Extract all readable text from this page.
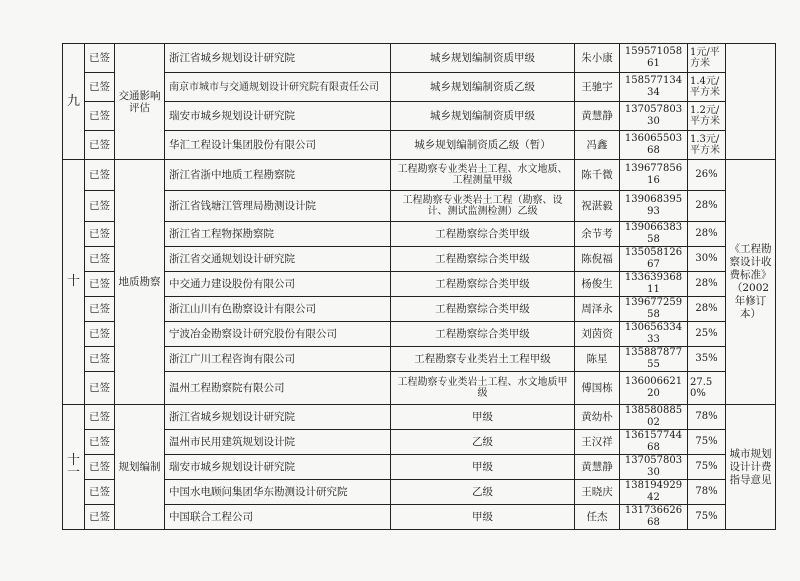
九	已签	交通影响评估	浙江省城乡规划设计研究院	城乡规划编制资质甲级	朱小康	15957105861	1元/平方米	
	已签		南京市城市与交通规划设计研究院有限责任公司	城乡规划编制资质乙级	王驰宇	15857713434	1.4元/平方米	
	已签		瑞安市城乡规划设计研究院	城乡规划编制资质甲级	黄慧静	13705780330	1.2元/平方米	
	已签		华汇工程设计集团股份有限公司	城乡规划编制资质乙级（暂）	冯鑫	13606550368	1.3元/平方米	
十	已签	地质勘察	浙江省浙中地质工程勘察院	工程勘察专业类岩土工程、水文地质、工程测量甲级	陈千微	13967785616	26%	《工程勘察设计收费标准》（2002年修订本）
	已签		浙江省钱塘江管理局勘测设计院	工程勘察专业类岩土工程（勘察、设计、测试监测检测）乙级	祝湛毅	13906839593	28%	
	已签		浙江省工程物探勘察院	工程勘察综合类甲级	余节考	13906638358	28%	
	已签		浙江省交通规划设计研究院	工程勘察综合类甲级	陈倪福	13505812667	30%	
	已签		中交通力建设股份有限公司	工程勘察综合类甲级	杨俊生	13363936811	28%	
	已签		浙江山川有色勘察设计有限公司	工程勘察综合类甲级	周泽永	13967725958	28%	
	已签		宁波冶金勘察设计研究股份有限公司	工程勘察综合类甲级	刘茵资	13065633433	25%	
	已签		浙江广川工程咨询有限公司	工程勘察专业类岩土工程甲级	陈星	13588787755	35%	
	已签		温州工程勘察院有限公司	工程勘察专业类岩土工程、水文地质甲级	傅国栋	13600662120	27.50%	
十一	已签	规划编制	浙江省城乡规划设计研究院	甲级	黄幼朴	13858088502	78%	城市规划设计计费指导意见
	已签		温州市民用建筑规划设计院	乙级	王汉祥	13615774468	75%	
	已签		瑞安市城乡规划设计研究院	甲级	黄慧静	13705780330	75%	
	已签		中国水电顾问集团华东勘测设计研究院	乙级	王晓庆	13819492942	78%	
	已签		中国联合工程公司	甲级	任杰	13173662668	75%	
